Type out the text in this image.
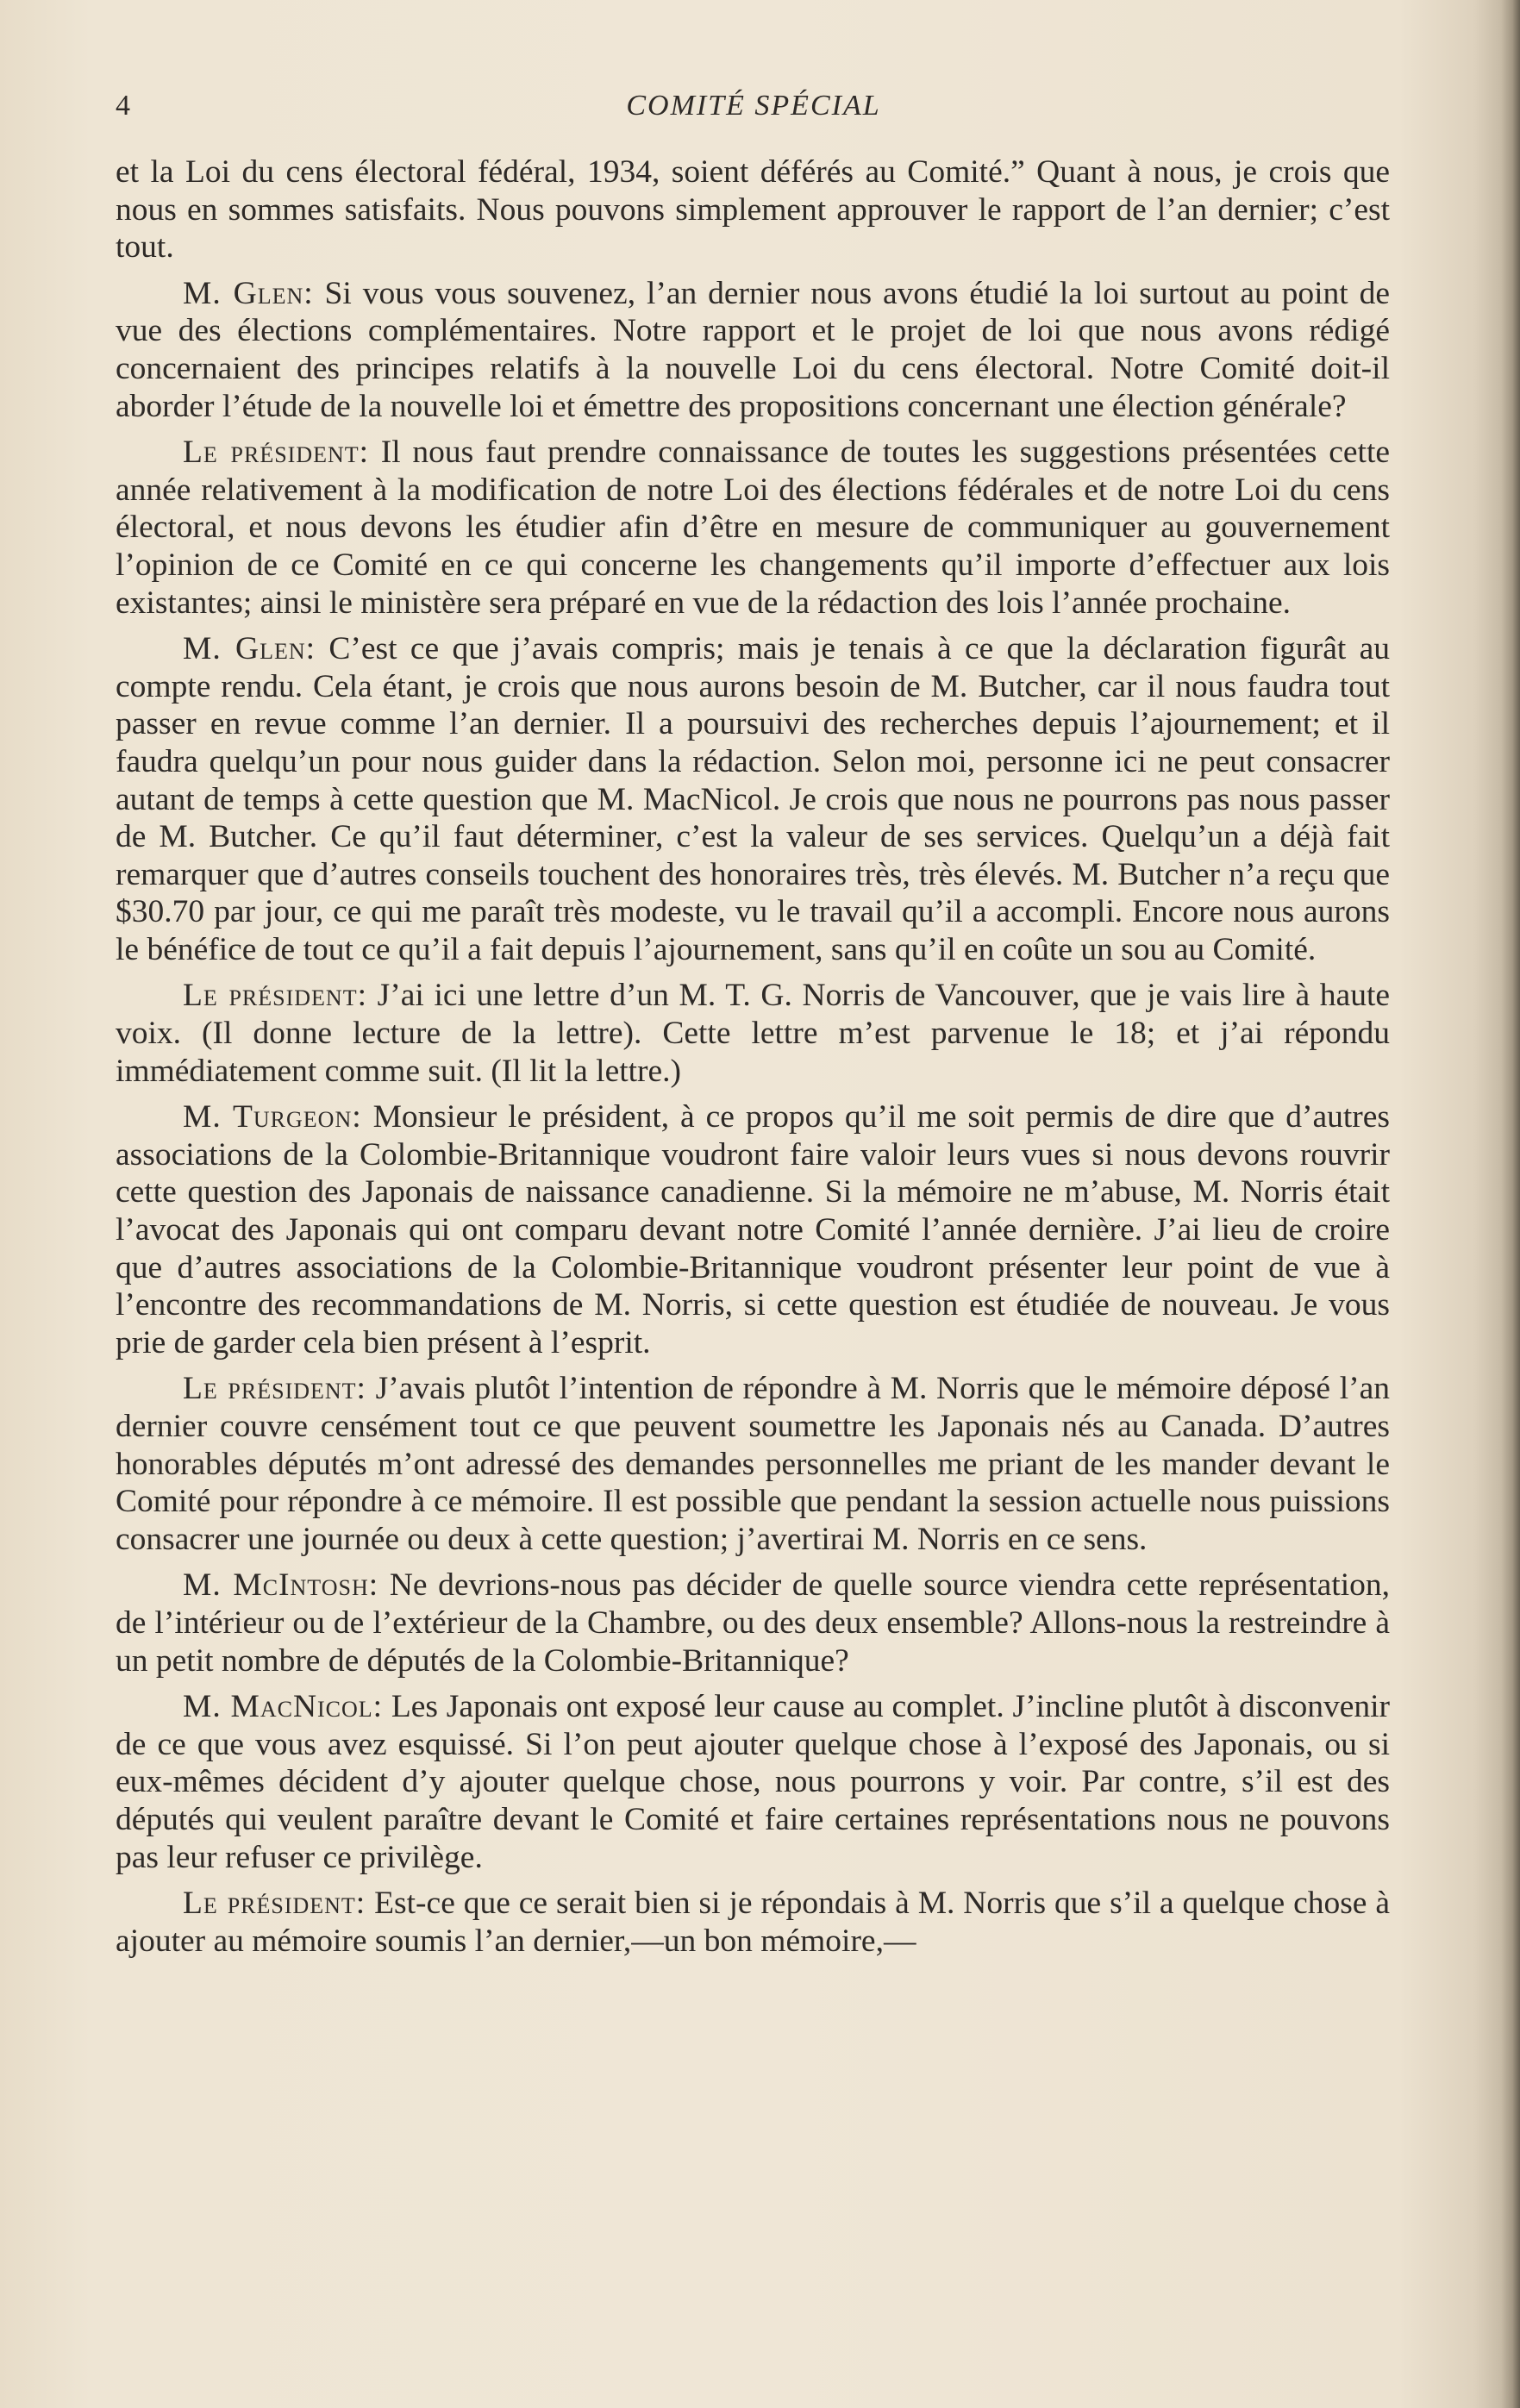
4	COMITÉ SPÉCIAL

et la Loi du cens électoral fédéral, 1934, soient déférés au Comité.” Quant à nous, je crois que nous en sommes satisfaits. Nous pouvons simplement approuver le rapport de l’an dernier; c’est tout.

M. Glen: Si vous vous souvenez, l’an dernier nous avons étudié la loi surtout au point de vue des élections complémentaires. Notre rapport et le projet de loi que nous avons rédigé concernaient des principes relatifs à la nouvelle Loi du cens électoral. Notre Comité doit-il aborder l’étude de la nouvelle loi et émettre des propositions concernant une élection générale?

Le président: Il nous faut prendre connaissance de toutes les suggestions présentées cette année relativement à la modification de notre Loi des élections fédérales et de notre Loi du cens électoral, et nous devons les étudier afin d’être en mesure de communiquer au gouvernement l’opinion de ce Comité en ce qui concerne les changements qu’il importe d’effectuer aux lois existantes; ainsi le ministère sera préparé en vue de la rédaction des lois l’année prochaine.

M. Glen: C’est ce que j’avais compris; mais je tenais à ce que la déclaration figurât au compte rendu. Cela étant, je crois que nous aurons besoin de M. Butcher, car il nous faudra tout passer en revue comme l’an dernier. Il a poursuivi des recherches depuis l’ajournement; et il faudra quelqu’un pour nous guider dans la rédaction. Selon moi, personne ici ne peut consacrer autant de temps à cette question que M. MacNicol. Je crois que nous ne pourrons pas nous passer de M. Butcher. Ce qu’il faut déterminer, c’est la valeur de ses services. Quelqu’un a déjà fait remarquer que d’autres conseils touchent des honoraires très, très élevés. M. Butcher n’a reçu que $30.70 par jour, ce qui me paraît très modeste, vu le travail qu’il a accompli. Encore nous aurons le bénéfice de tout ce qu’il a fait depuis l’ajournement, sans qu’il en coûte un sou au Comité.

Le président: J’ai ici une lettre d’un M. T. G. Norris de Vancouver, que je vais lire à haute voix. (Il donne lecture de la lettre). Cette lettre m’est parvenue le 18; et j’ai répondu immédiatement comme suit. (Il lit la lettre.)

M. Turgeon: Monsieur le président, à ce propos qu’il me soit permis de dire que d’autres associations de la Colombie-Britannique voudront faire valoir leurs vues si nous devons rouvrir cette question des Japonais de naissance canadienne. Si la mémoire ne m’abuse, M. Norris était l’avocat des Japonais qui ont comparu devant notre Comité l’année dernière. J’ai lieu de croire que d’autres associations de la Colombie-Britannique voudront présenter leur point de vue à l’encontre des recommandations de M. Norris, si cette question est étudiée de nouveau. Je vous prie de garder cela bien présent à l’esprit.

Le président: J’avais plutôt l’intention de répondre à M. Norris que le mémoire déposé l’an dernier couvre censément tout ce que peuvent soumettre les Japonais nés au Canada. D’autres honorables députés m’ont adressé des demandes personnelles me priant de les mander devant le Comité pour répondre à ce mémoire. Il est possible que pendant la session actuelle nous puissions consacrer une journée ou deux à cette question; j’avertirai M. Norris en ce sens.

M. McIntosh: Ne devrions-nous pas décider de quelle source viendra cette représentation, de l’intérieur ou de l’extérieur de la Chambre, ou des deux ensemble? Allons-nous la restreindre à un petit nombre de députés de la Colombie-Britannique?

M. MacNicol: Les Japonais ont exposé leur cause au complet. J’incline plutôt à disconvenir de ce que vous avez esquissé. Si l’on peut ajouter quelque chose à l’exposé des Japonais, ou si eux-mêmes décident d’y ajouter quelque chose, nous pourrons y voir. Par contre, s’il est des députés qui veulent paraître devant le Comité et faire certaines représentations nous ne pouvons pas leur refuser ce privilège.

Le président: Est-ce que ce serait bien si je répondais à M. Norris que s’il a quelque chose à ajouter au mémoire soumis l’an dernier,—un bon mémoire,—
